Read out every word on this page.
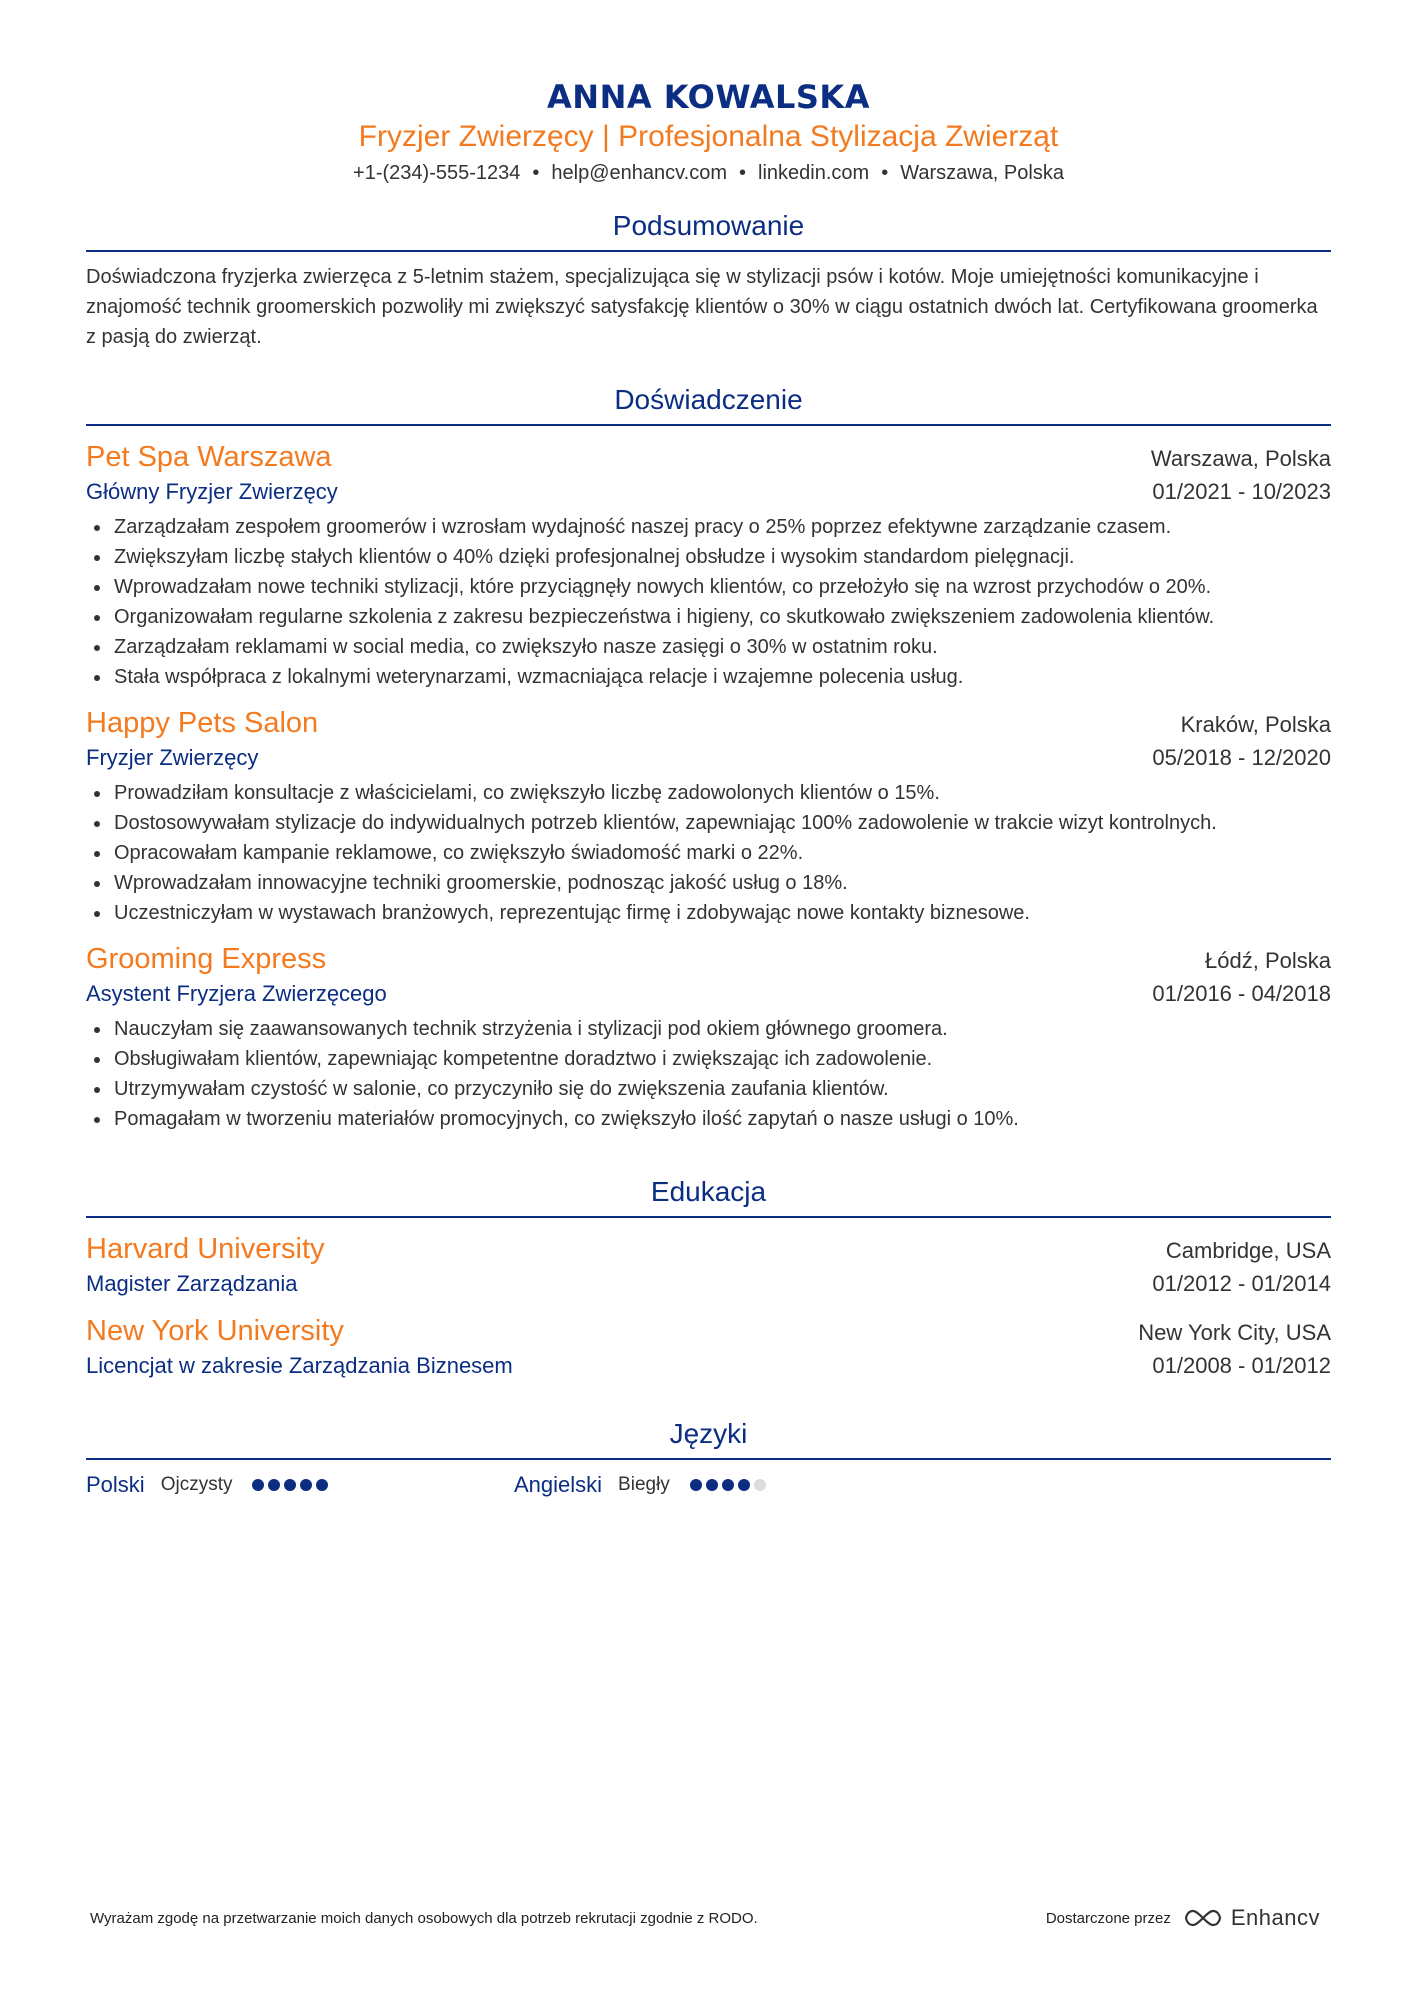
ANNA KOWALSKA
Fryzjer Zwierzęcy | Profesjonalna Stylizacja Zwierząt
+1-(234)-555-1234 • help@enhancv.com • linkedin.com • Warszawa, Polska
Podsumowanie
Doświadczona fryzjerka zwierzęca z 5-letnim stażem, specjalizująca się w stylizacji psów i kotów. Moje umiejętności komunikacyjne i znajomość technik groomerskich pozwoliły mi zwiększyć satysfakcję klientów o 30% w ciągu ostatnich dwóch lat. Certyfikowana groomerka z pasją do zwierząt.
Doświadczenie
Pet Spa Warszawa	Warszawa, Polska
Główny Fryzjer Zwierzęcy	01/2021 - 10/2023
Zarządzałam zespołem groomerów i wzrosłam wydajność naszej pracy o 25% poprzez efektywne zarządzanie czasem.
Zwiększyłam liczbę stałych klientów o 40% dzięki profesjonalnej obsłudze i wysokim standardom pielęgnacji.
Wprowadzałam nowe techniki stylizacji, które przyciągnęły nowych klientów, co przełożyło się na wzrost przychodów o 20%.
Organizowałam regularne szkolenia z zakresu bezpieczeństwa i higieny, co skutkowało zwiększeniem zadowolenia klientów.
Zarządzałam reklamami w social media, co zwiększyło nasze zasięgi o 30% w ostatnim roku.
Stała współpraca z lokalnymi weterynarzami, wzmacniająca relacje i wzajemne polecenia usług.
Happy Pets Salon	Kraków, Polska
Fryzjer Zwierzęcy	05/2018 - 12/2020
Prowadziłam konsultacje z właścicielami, co zwiększyło liczbę zadowolonych klientów o 15%.
Dostosowywałam stylizacje do indywidualnych potrzeb klientów, zapewniając 100% zadowolenie w trakcie wizyt kontrolnych.
Opracowałam kampanie reklamowe, co zwiększyło świadomość marki o 22%.
Wprowadzałam innowacyjne techniki groomerskie, podnosząc jakość usług o 18%.
Uczestniczyłam w wystawach branżowych, reprezentując firmę i zdobywając nowe kontakty biznesowe.
Grooming Express	Łódź, Polska
Asystent Fryzjera Zwierzęcego	01/2016 - 04/2018
Nauczyłam się zaawansowanych technik strzyżenia i stylizacji pod okiem głównego groomera.
Obsługiwałam klientów, zapewniając kompetentne doradztwo i zwiększając ich zadowolenie.
Utrzymywałam czystość w salonie, co przyczyniło się do zwiększenia zaufania klientów.
Pomagałam w tworzeniu materiałów promocyjnych, co zwiększyło ilość zapytań o nasze usługi o 10%.
Edukacja
Harvard University	Cambridge, USA
Magister Zarządzania	01/2012 - 01/2014
New York University	New York City, USA
Licencjat w zakresie Zarządzania Biznesem	01/2008 - 01/2012
Języki
Polski Ojczysty	Angielski Biegły
Wyrażam zgodę na przetwarzanie moich danych osobowych dla potrzeb rekrutacji zgodnie z RODO.	Dostarczone przez	Enhancv
